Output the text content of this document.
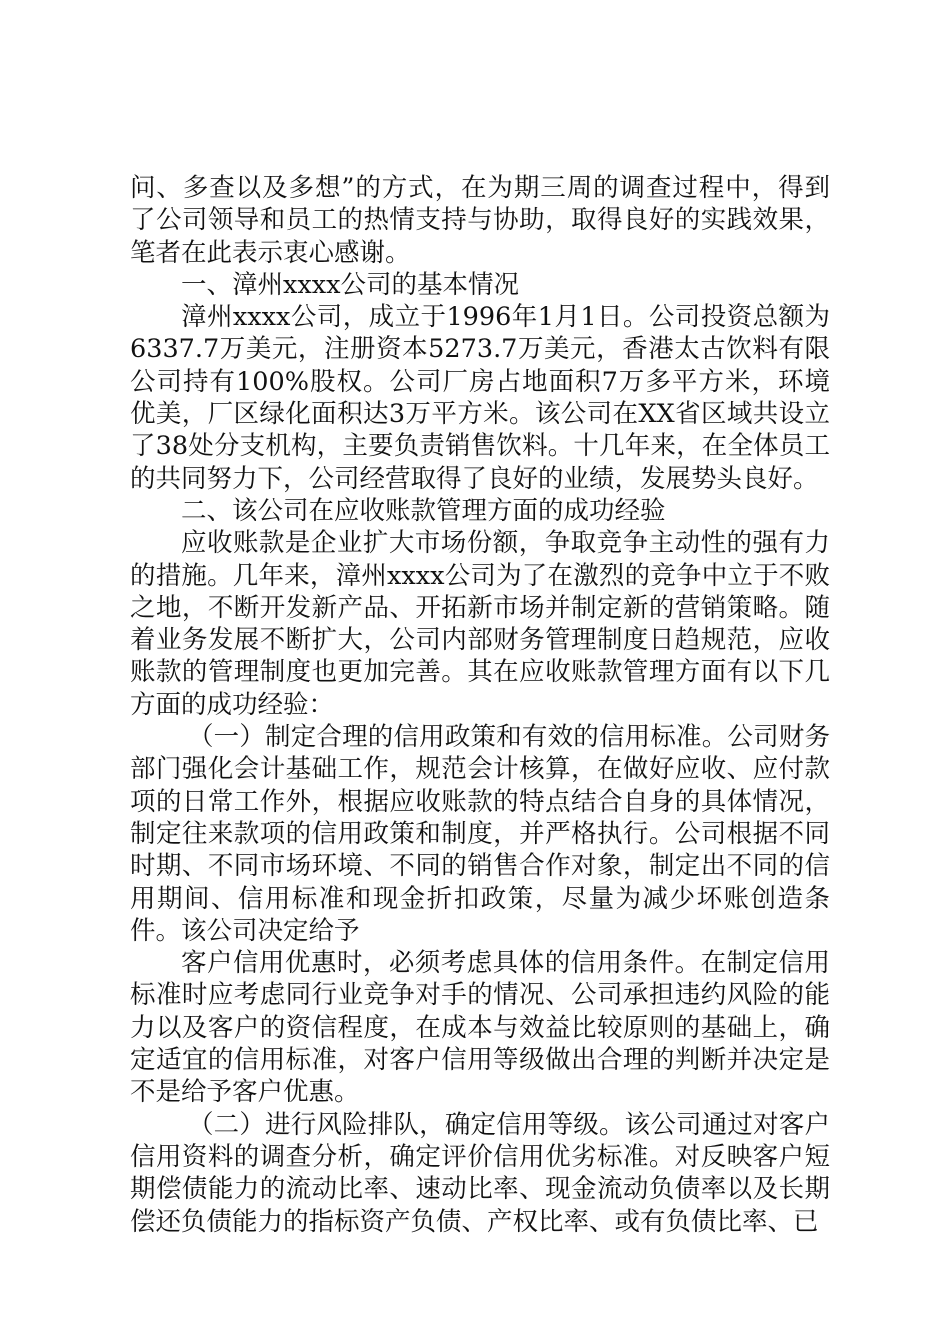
问、多查以及多想”的方式，在为期三周的调查过程中，得到了公司领导和员工的热情支持与协助，取得良好的实践效果，笔者在此表示衷心感谢。

一、漳州xxxx公司的基本情况

漳州xxxx公司，成立于1996年1月1日。公司投资总额为6337.7万美元，注册资本5273.7万美元，香港太古饮料有限公司持有100%股权。公司厂房占地面积7万多平方米，环境优美，厂区绿化面积达3万平方米。该公司在XX省区域共设立了38处分支机构，主要负责销售饮料。十几年来，在全体员工的共同努力下，公司经营取得了良好的业绩，发展势头良好。

二、该公司在应收账款管理方面的成功经验

应收账款是企业扩大市场份额，争取竞争主动性的强有力的措施。几年来，漳州xxxx公司为了在激烈的竞争中立于不败之地，不断开发新产品、开拓新市场并制定新的营销策略。随着业务发展不断扩大，公司内部财务管理制度日趋规范，应收账款的管理制度也更加完善。其在应收账款管理方面有以下几方面的成功经验：

（一）制定合理的信用政策和有效的信用标准。公司财务部门强化会计基础工作，规范会计核算，在做好应收、应付款项的日常工作外，根据应收账款的特点结合自身的具体情况，制定往来款项的信用政策和制度，并严格执行。公司根据不同时期、不同市场环境、不同的销售合作对象，制定出不同的信用期间、信用标准和现金折扣政策，尽量为减少坏账创造条件。该公司决定给予

客户信用优惠时，必须考虑具体的信用条件。在制定信用标准时应考虑同行业竞争对手的情况、公司承担违约风险的能力以及客户的资信程度，在成本与效益比较原则的基础上，确定适宜的信用标准，对客户信用等级做出合理的判断并决定是不是给予客户优惠。

（二）进行风险排队，确定信用等级。该公司通过对客户信用资料的调查分析，确定评价信用优劣标准。对反映客户短期偿债能力的流动比率、速动比率、现金流动负债率以及长期偿还负债能力的指标资产负债、产权比率、或有负债比率、已
